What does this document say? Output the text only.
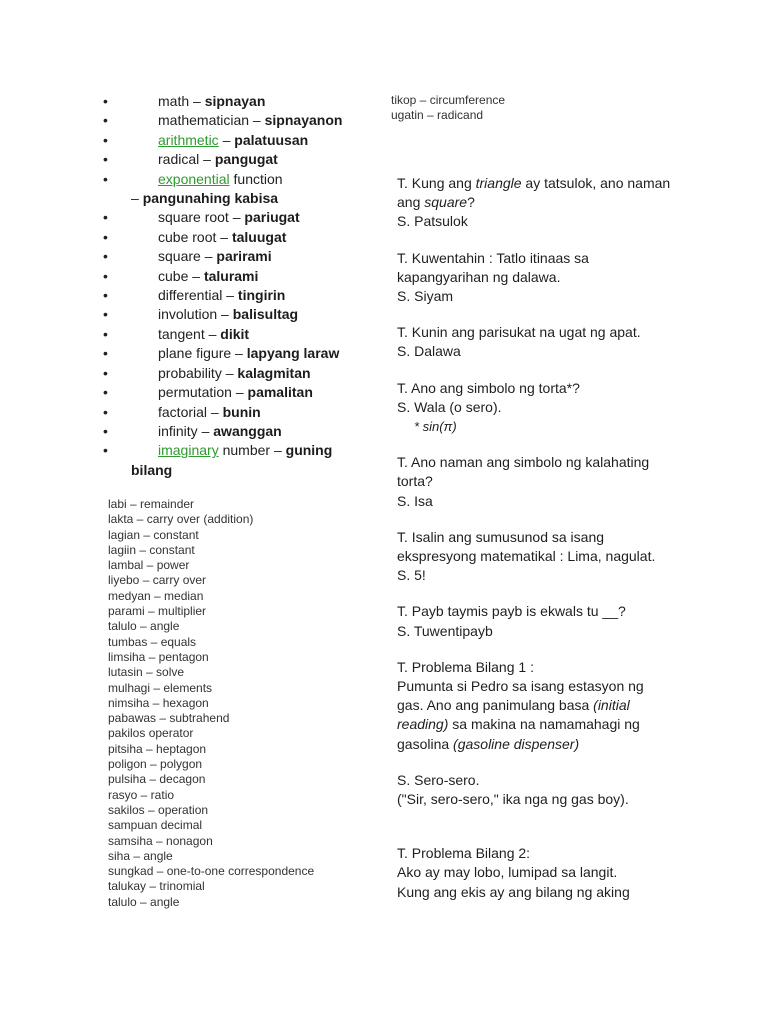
•
math – sipnayan
•
mathematician – sipnayanon
•
arithmetic – palatuusan
•
radical – pangugat
•
exponential function
– pangunahing kabisa
•
square root – pariugat
•
cube root – taluugat
•
square – parirami
•
cube – talurami
•
differential – tingirin
•
involution – balisultag
•
tangent – dikit
•
plane figure – lapyang laraw
•
probability – kalagmitan
•
permutation – pamalitan
•
factorial – bunin
•
infinity – awanggan
•
imaginary number – guning bilang
labi – remainder
lakta – carry over (addition)
lagian – constant
lagiin – constant
lambal – power
liyebo – carry over
medyan – median
parami – multiplier
talulo – angle
tumbas – equals
limsiha – pentagon
lutasin – solve
mulhagi – elements
nimsiha – hexagon
pabawas – subtrahend
pakilos operator
pitsiha – heptagon
poligon – polygon
pulsiha – decagon
rasyo – ratio
sakilos – operation
sampuan decimal
samsiha – nonagon
siha – angle
sungkad – one-to-one correspondence
talukay – trinomial
talulo – angle
tikop – circumference
ugatin – radicand

T. Kung ang triangle ay tatsulok, ano naman ang square?

S. Patsulok

T. Kuwentahin : Tatlo itinaas sa kapangyarihan ng dalawa.

S. Siyam

T. Kunin ang parisukat na ugat ng apat.

S. Dalawa

T. Ano ang simbolo ng torta*?

S. Wala (o sero).

* sin(π)

T. Ano naman ang simbolo ng kalahating torta?

S. Isa

T. Isalin ang sumusunod sa isang ekspresyong matematikal : Lima, nagulat.

S. 5!

T. Payb taymis payb is ekwals tu __?

S. Tuwentipayb

T. Problema Bilang 1 :

Pumunta si Pedro sa isang estasyon ng gas. Ano ang panimulang basa (initial reading) sa makina na namamahagi ng gasolina (gasoline dispenser)

S. Sero-sero.

("Sir, sero-sero," ika nga ng gas boy).

T. Problema Bilang 2:

Ako ay may lobo, lumipad sa langit.

Kung ang ekis ay ang bilang ng aking
